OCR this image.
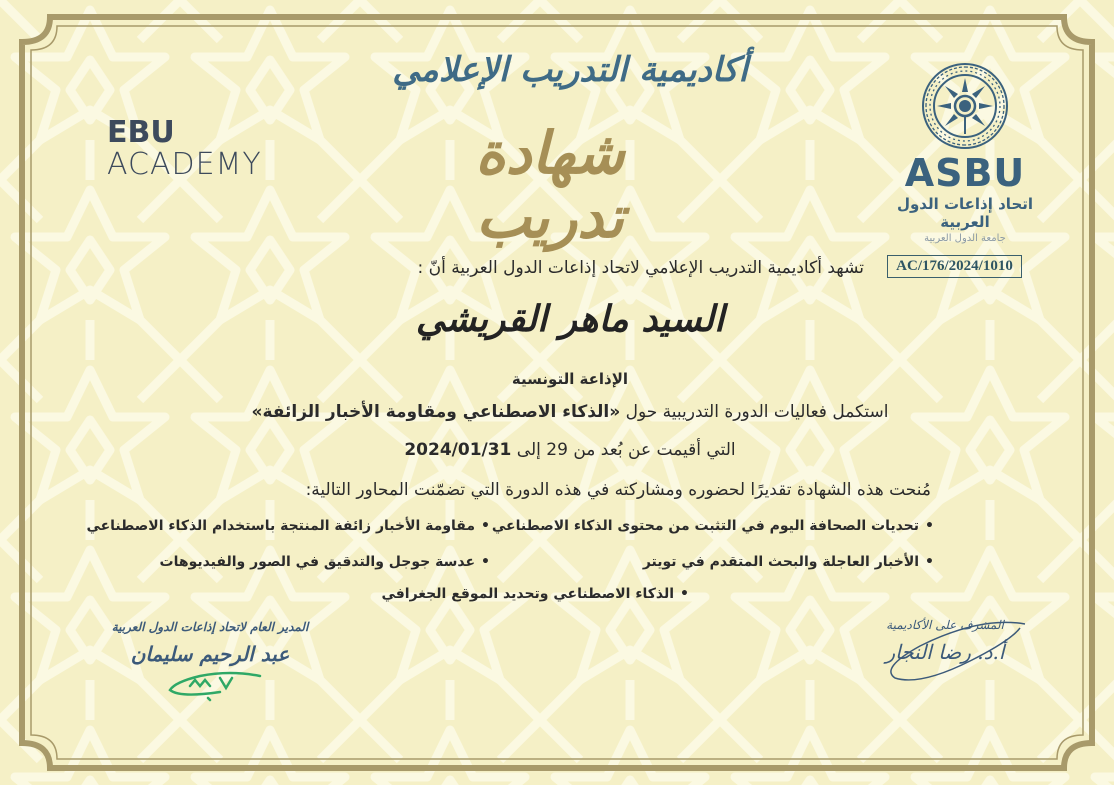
EBU
ACADEMY
أكاديمية التدريب الإعلامي
شهادة تدريب
ASBU
اتحاد إذاعات الدول العربية
جامعة الدول العربية
AC/176/2024/1010
تشهد أكاديمية التدريب الإعلامي لاتحاد إذاعات الدول العربية أنّ :
السيد ماهر القريشي
الإذاعة التونسية
استكمل فعاليات الدورة التدريبية حول «الذكاء الاصطناعي ومقاومة الأخبار الزائفة»
التي أقيمت عن بُعد من 29 إلى 2024/01/31
مُنحت هذه الشهادة تقديرًا لحضوره ومشاركته في هذه الدورة التي تضمّنت المحاور التالية:
•تحديات الصحافة اليوم في التثبت من محتوى الذكاء الاصطناعي
•مقاومة الأخبار زائفة المنتجة باستخدام الذكاء الاصطناعي
•الأخبار العاجلة والبحث المتقدم في تويتر
•عدسة جوجل والتدقيق في الصور والفيديوهات
•الذكاء الاصطناعي وتحديد الموقع الجغرافي
المدير العام لاتحاد إذاعات الدول العربية
عبد الرحيم سليمان
المشرف على الأكاديمية
أ.د. رضا النجار
